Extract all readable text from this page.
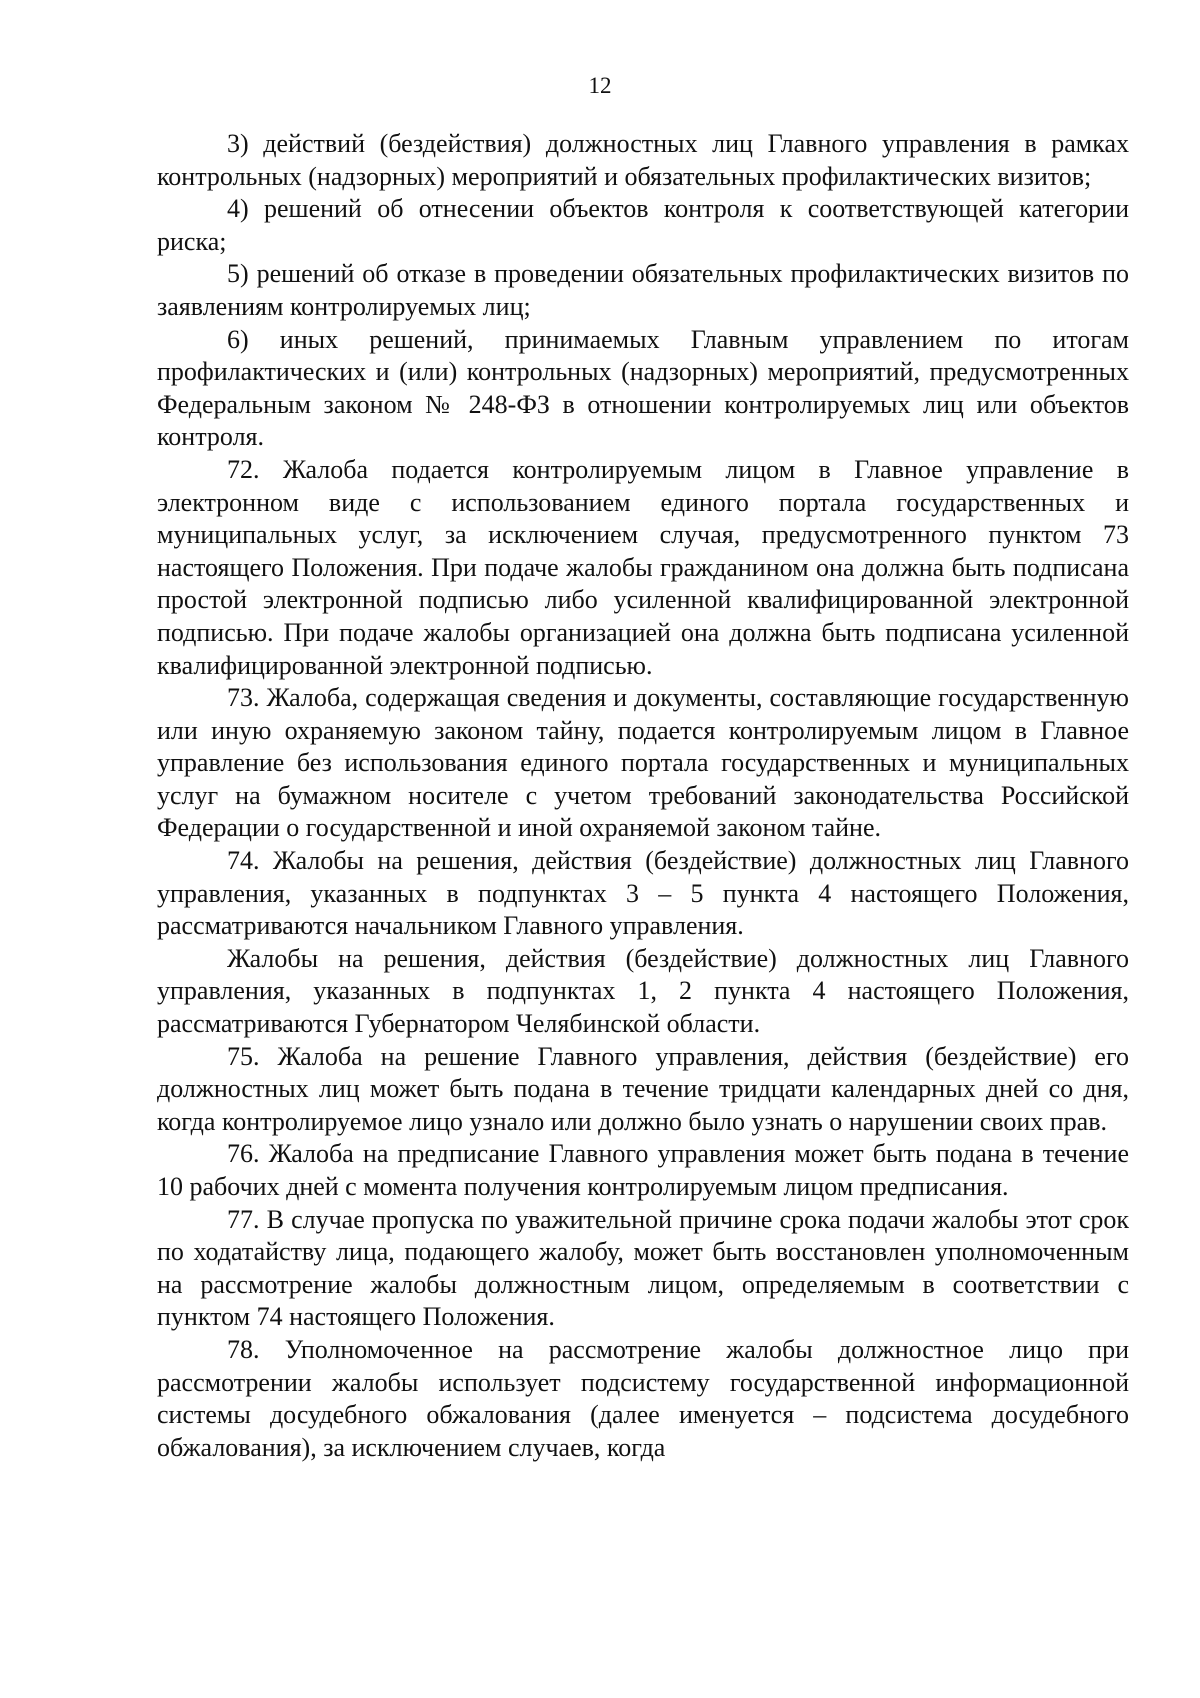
12

3) действий (бездействия) должностных лиц Главного управления в рамках контрольных (надзорных) мероприятий и обязательных профилактических визитов;

4) решений об отнесении объектов контроля к соответствующей категории риска;

5) решений об отказе в проведении обязательных профилактических визитов по заявлениям контролируемых лиц;

6) иных решений, принимаемых Главным управлением по итогам профилактических и (или) контрольных (надзорных) мероприятий, предусмотренных Федеральным законом № 248-ФЗ в отношении контролируемых лиц или объектов контроля.

72. Жалоба подается контролируемым лицом в Главное управление в электронном виде с использованием единого портала государственных и муниципальных услуг, за исключением случая, предусмотренного пунктом 73 настоящего Положения. При подаче жалобы гражданином она должна быть подписана простой электронной подписью либо усиленной квалифицированной электронной подписью. При подаче жалобы организацией она должна быть подписана усиленной квалифицированной электронной подписью.

73. Жалоба, содержащая сведения и документы, составляющие государственную или иную охраняемую законом тайну, подается контролируемым лицом в Главное управление без использования единого портала государственных и муниципальных услуг на бумажном носителе с учетом требований законодательства Российской Федерации о государственной и иной охраняемой законом тайне.

74. Жалобы на решения, действия (бездействие) должностных лиц Главного управления, указанных в подпунктах 3 – 5 пункта 4 настоящего Положения, рассматриваются начальником Главного управления.

Жалобы на решения, действия (бездействие) должностных лиц Главного управления, указанных в подпунктах 1, 2 пункта 4 настоящего Положения, рассматриваются Губернатором Челябинской области.

75. Жалоба на решение Главного управления, действия (бездействие) его должностных лиц может быть подана в течение тридцати календарных дней со дня, когда контролируемое лицо узнало или должно было узнать о нарушении своих прав.

76. Жалоба на предписание Главного управления может быть подана в течение 10 рабочих дней с момента получения контролируемым лицом предписания.

77. В случае пропуска по уважительной причине срока подачи жалобы этот срок по ходатайству лица, подающего жалобу, может быть восстановлен уполномоченным на рассмотрение жалобы должностным лицом, определяемым в соответствии с пунктом 74 настоящего Положения.

78. Уполномоченное на рассмотрение жалобы должностное лицо при рассмотрении жалобы использует подсистему государственной информационной системы досудебного обжалования (далее именуется – подсистема досудебного обжалования), за исключением случаев, когда
